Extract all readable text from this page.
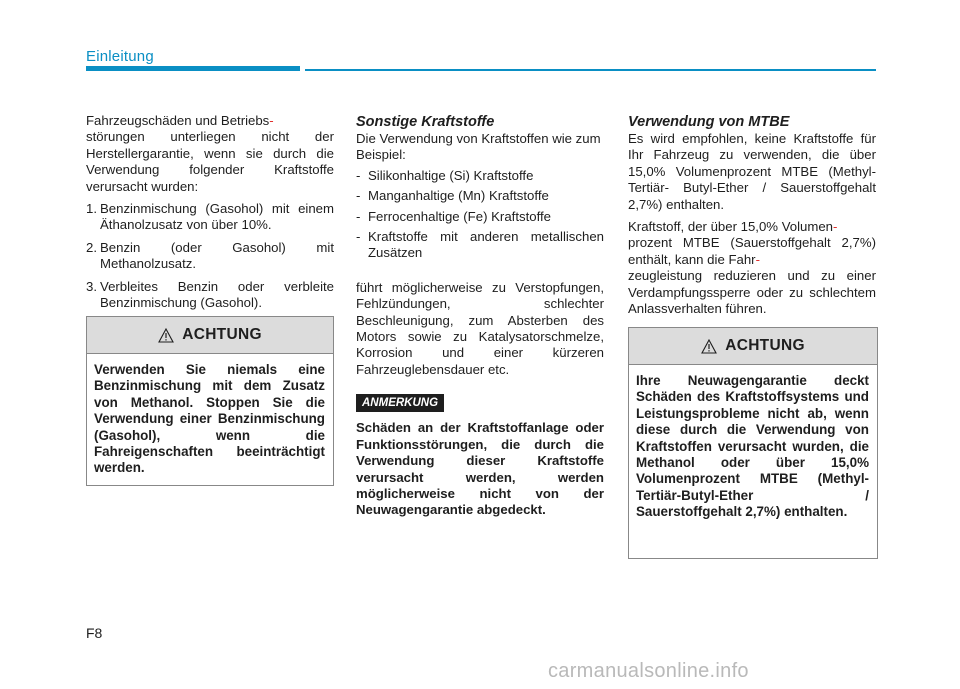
Einleitung

Fahrzeugschäden und Betriebs-
störungen unterliegen nicht der Herstellergarantie, wenn sie durch die Verwendung folgender Kraftstoffe verursacht wurden:

1. Benzinmischung (Gasohol) mit einem Äthanolzusatz von über 10%.
2. Benzin (oder Gasohol) mit Methanolzusatz.
3. Verbleites Benzin oder verbleite Benzinmischung (Gasohol).
ACHTUNG
Verwenden Sie niemals eine Benzinmischung mit dem Zusatz von Methanol. Stoppen Sie die Verwendung einer Benzinmischung (Gasohol), wenn die Fahreigenschaften beeinträchtigt werden.

Sonstige Kraftstoffe

Die Verwendung von Kraftstoffen wie zum Beispiel:

- Silikonhaltige (Si) Kraftstoffe
- Manganhaltige (Mn) Kraftstoffe
- Ferrocenhaltige (Fe) Kraftstoffe
- Kraftstoffe mit anderen metallischen Zusätzen

führt möglicherweise zu Verstopfungen, Fehlzündungen, schlechter Beschleunigung, zum Absterben des Motors sowie zu Katalysatorschmelze, Korrosion und einer kürzeren Fahrzeuglebensdauer etc.

ANMERKUNG

Schäden an der Kraftstoffanlage oder Funktionsstörungen, die durch die Verwendung dieser Kraftstoffe verursacht werden, werden möglicherweise nicht von der Neuwagengarantie abgedeckt.

Verwendung von MTBE

Es wird empfohlen, keine Kraftstoffe für Ihr Fahrzeug zu verwenden, die über 15,0% Volumenprozent MTBE (Methyl-Tertiär- Butyl-Ether / Sauerstoffgehalt 2,7%) enthalten.

Kraftstoff, der über 15,0% Volumen-
prozent MTBE (Sauerstoffgehalt 2,7%) enthält, kann die Fahr-
zeugleistung reduzieren und zu einer Verdampfungssperre oder zu schlechtem Anlassverhalten führen.

ACHTUNG
Ihre Neuwagengarantie deckt Schäden des Kraftstoffsystems und Leistungsprobleme nicht ab, wenn diese durch die Verwendung von Kraftstoffen verursacht wurden, die Methanol oder über 15,0% Volumenprozent MTBE (Methyl- Tertiär-Butyl-Ether / Sauerstoffgehalt 2,7%) enthalten.
F8
carmanualsonline.info
